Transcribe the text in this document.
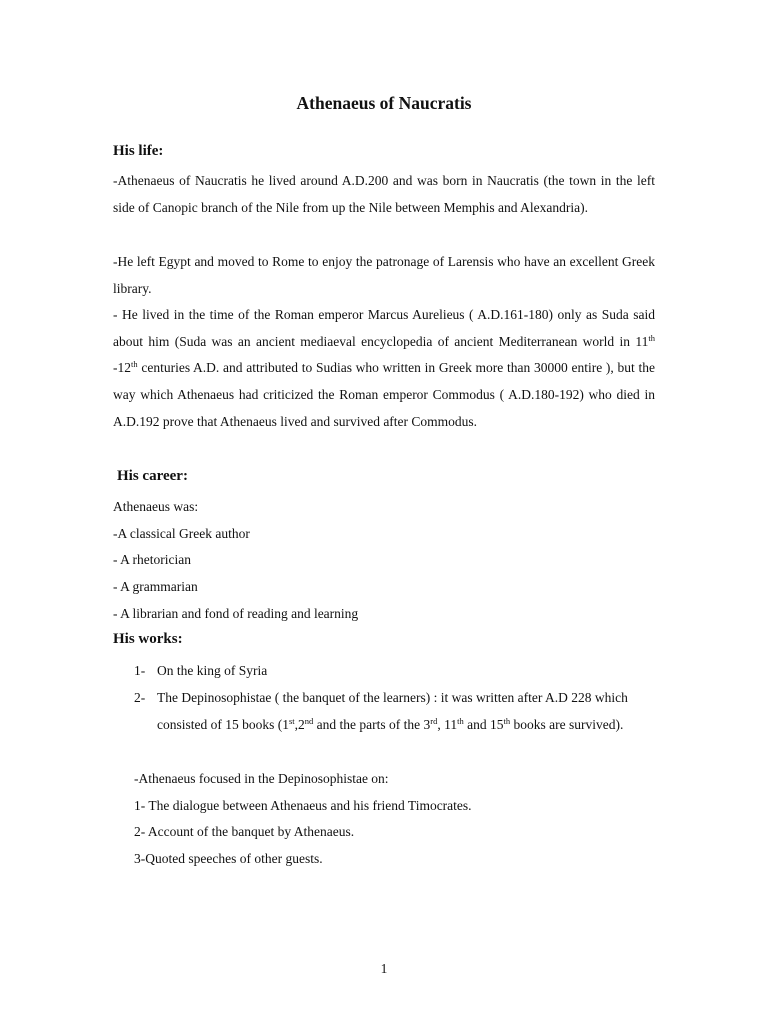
Athenaeus of Naucratis
His life:

-Athenaeus of Naucratis he lived around A.D.200 and was born in Naucratis (the town in the left side of Canopic branch of the Nile from up the Nile between Memphis and Alexandria).

-He left Egypt and moved to Rome to enjoy the patronage of Larensis who have an excellent Greek library.

- He lived in the time of the Roman emperor Marcus Aurelieus ( A.D.161-180) only as Suda said about him (Suda was an ancient mediaeval encyclopedia of ancient Mediterranean world in 11th -12th centuries A.D. and attributed to Sudias who written in Greek more than 30000 entire ), but the way which Athenaeus had criticized the Roman emperor Commodus ( A.D.180-192) who died in A.D.192 prove that Athenaeus lived and survived after Commodus.

His career:

Athenaeus was:

-A classical Greek author

- A rhetorician

- A grammarian

- A librarian and fond of reading and learning

His works:
1- On the king of Syria
2- The Depinosophistae ( the banquet of the learners) : it was written after A.D 228 which consisted of 15 books (1st,2nd and the parts of the 3rd, 11th and 15th books are survived).

-Athenaeus focused in the Depinosophistae on:

1- The dialogue between Athenaeus and his friend Timocrates.

2- Account of the banquet by Athenaeus.

3-Quoted speeches of other guests.

1
